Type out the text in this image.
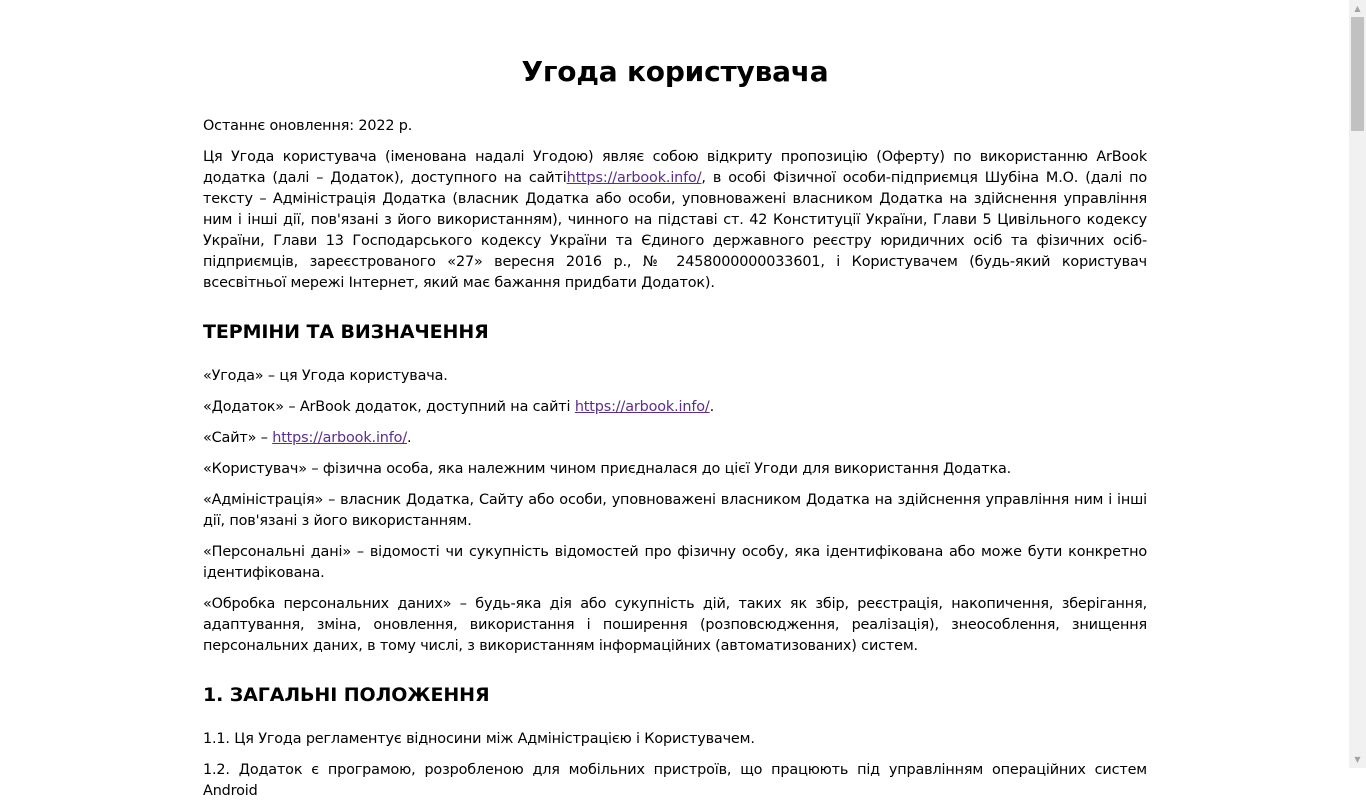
Угода користувача

Останнє оновлення: 2022 р.

Ця Угода користувача (іменована надалі Угодою) являє собою відкриту пропозицію (Оферту) по використанню ArBook додатка (далі – Додаток), доступного на сайтіhttps://arbook.info/, в особі Фізичної особи-підприємця Шубіна М.О. (далі по тексту – Адміністрація Додатка (власник Додатка або особи, уповноважені власником Додатка на здійснення управління ним і інші дії, пов'язані з його використанням), чинного на підставі ст. 42 Конституції України, Глави 5 Цивільного кодексу України, Глави 13 Господарського кодексу України та Єдиного державного реєстру юридичних осіб та фізичних осіб-підприємців, зареєстрованого «27» вересня 2016 р., № 2458000000033601, і Користувачем (будь-який користувач всесвітньої мережі Інтернет, який має бажання придбати Додаток).

ТЕРМІНИ ТА ВИЗНАЧЕННЯ

«Угода» – ця Угода користувача.

«Додаток» – ArBook додаток, доступний на сайті https://arbook.info/.

«Сайт» – https://arbook.info/.

«Користувач» – фізична особа, яка належним чином приєдналася до цієї Угоди для використання Додатка.

«Адміністрація» – власник Додатка, Сайту або особи, уповноважені власником Додатка на здійснення управління ним і інші дії, пов'язані з його використанням.

«Персональні дані» – відомості чи сукупність відомостей про фізичну особу, яка ідентифікована або може бути конкретно ідентифікована.

«Обробка персональних даних» – будь-яка дія або сукупність дій, таких як збір, реєстрація, накопичення, зберігання, адаптування, зміна, оновлення, використання і поширення (розповсюдження, реалізація), знеособлення, знищення персональних даних, в тому числі, з використанням інформаційних (автоматизованих) систем.

1. ЗАГАЛЬНІ ПОЛОЖЕННЯ

1.1. Ця Угода регламентує відносини між Адміністрацією і Користувачем.

1.2. Додаток є програмою, розробленою для мобільних пристроїв, що працюють під управлінням операційних систем Android

▲
▼
